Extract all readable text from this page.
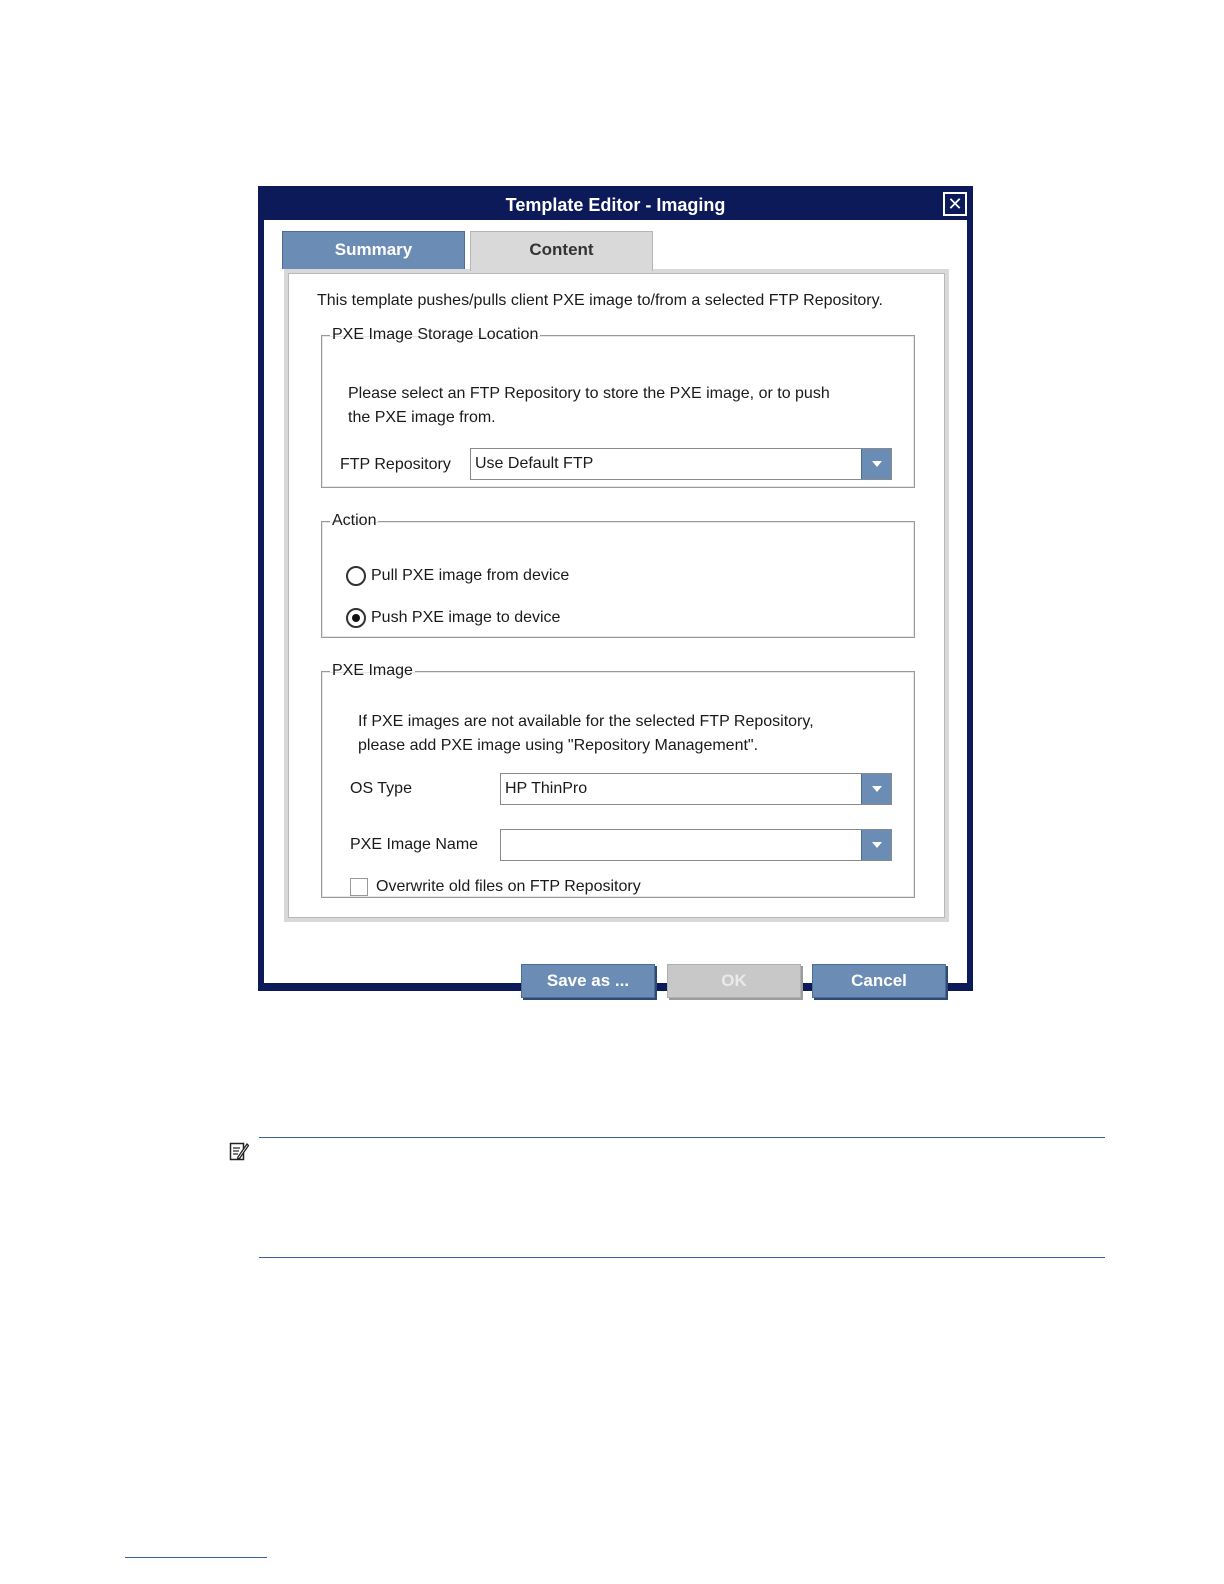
Template Editor - Imaging	✕
Summary	Content
This template pushes/pulls client PXE image to/from a selected FTP Repository.
PXE Image Storage Location
Please select an FTP Repository to store the PXE image, or to push
the PXE image from.
FTP Repository	Use Default FTP
Action
Pull PXE image from device
Push PXE image to device
PXE Image
If PXE images are not available for the selected FTP Repository,
please add PXE image using "Repository Management".
OS Type	HP ThinPro
PXE Image Name
Overwrite old files on FTP Repository
Save as ...	OK	Cancel
